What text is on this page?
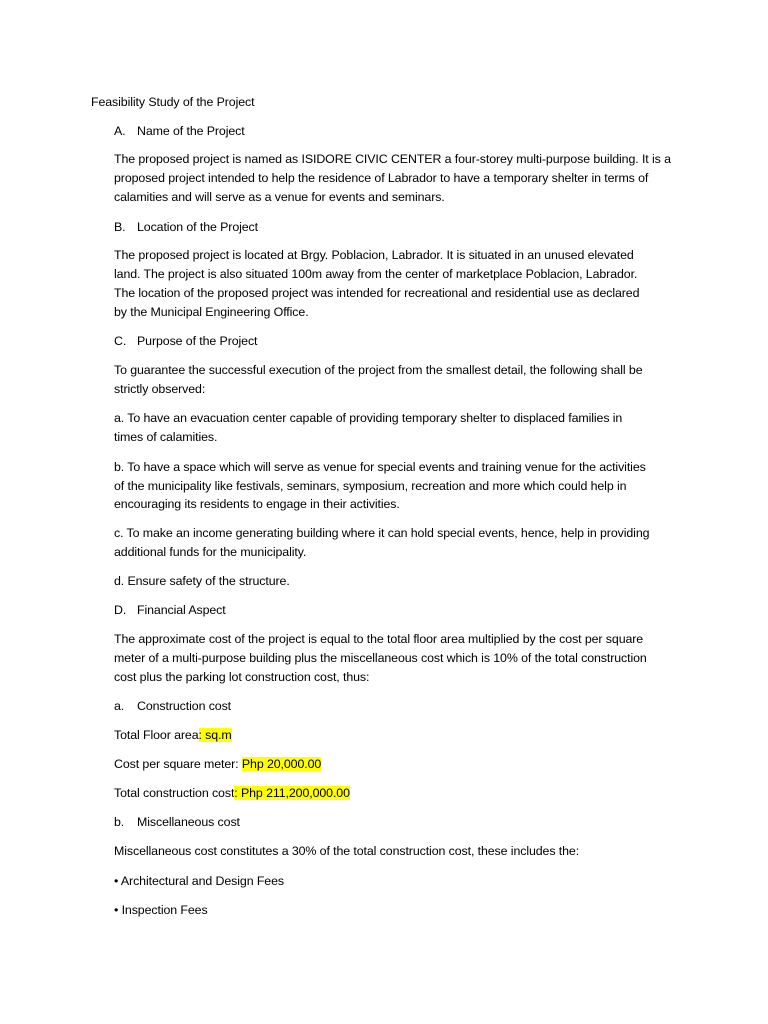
Feasibility Study of the Project
A. Name of the Project
The proposed project is named as ISIDORE CIVIC CENTER a four-storey multi-purpose building. It is a
proposed project intended to help the residence of Labrador to have a temporary shelter in terms of
calamities and will serve as a venue for events and seminars.
B. Location of the Project
The proposed project is located at Brgy. Poblacion, Labrador. It is situated in an unused elevated
land. The project is also situated 100m away from the center of marketplace Poblacion, Labrador.
The location of the proposed project was intended for recreational and residential use as declared
by the Municipal Engineering Office.
C. Purpose of the Project
To guarantee the successful execution of the project from the smallest detail, the following shall be
strictly observed:
a. To have an evacuation center capable of providing temporary shelter to displaced families in
times of calamities.
b. To have a space which will serve as venue for special events and training venue for the activities
of the municipality like festivals, seminars, symposium, recreation and more which could help in
encouraging its residents to engage in their activities.
c. To make an income generating building where it can hold special events, hence, help in providing
additional funds for the municipality.
d. Ensure safety of the structure.
D. Financial Aspect
The approximate cost of the project is equal to the total floor area multiplied by the cost per square
meter of a multi-purpose building plus the miscellaneous cost which is 10% of the total construction
cost plus the parking lot construction cost, thus:
a. Construction cost
Total Floor area: sq.m
Cost per square meter: Php 20,000.00
Total construction cost: Php 211,200,000.00
b. Miscellaneous cost
Miscellaneous cost constitutes a 30% of the total construction cost, these includes the:
• Architectural and Design Fees
• Inspection Fees
